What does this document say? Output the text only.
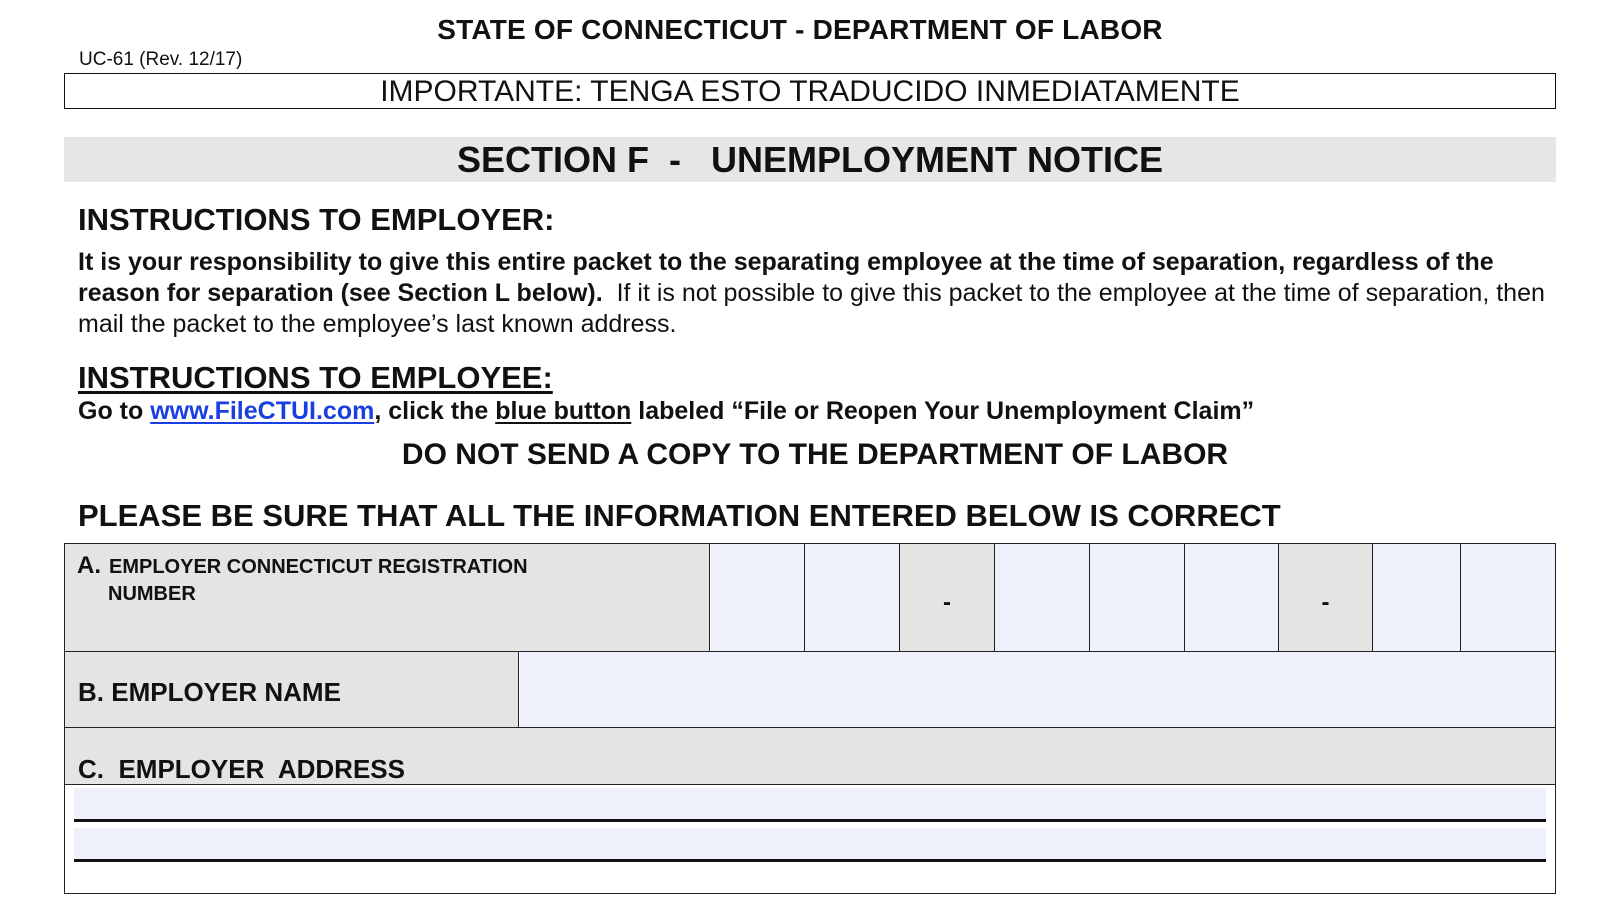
STATE OF CONNECTICUT - DEPARTMENT OF LABOR
UC-61 (Rev. 12/17)
IMPORTANTE: TENGA ESTO TRADUCIDO INMEDIATAMENTE
SECTION F  -   UNEMPLOYMENT NOTICE
INSTRUCTIONS TO EMPLOYER:
It is your responsibility to give this entire packet to the separating employee at the time of separation, regardless of the reason for separation (see Section L below). If it is not possible to give this packet to the employee at the time of separation, then mail the packet to the employee’s last known address.
INSTRUCTIONS TO EMPLOYEE:
Go to www.FileCTUI.com, click the blue button labeled “File or Reopen Your Unemployment Claim”
DO NOT SEND A COPY TO THE DEPARTMENT OF LABOR
PLEASE BE SURE THAT ALL THE INFORMATION ENTERED BELOW IS CORRECT
A. EMPLOYER CONNECTICUT REGISTRATION
NUMBER	-	-
B. EMPLOYER NAME
C.  EMPLOYER  ADDRESS
